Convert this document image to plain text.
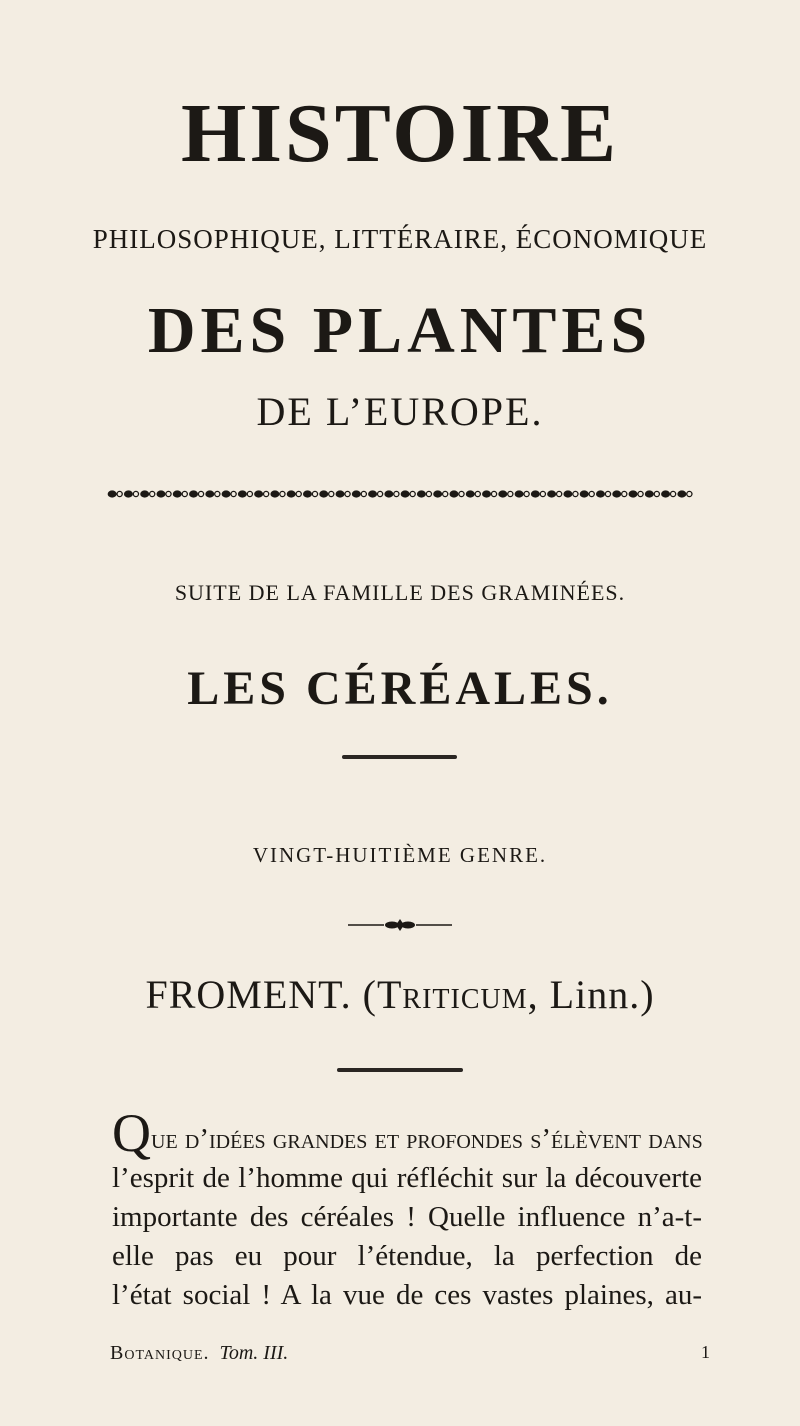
HISTOIRE
PHILOSOPHIQUE, LITTÉRAIRE, ÉCONOMIQUE
DES PLANTES
DE L’EUROPE.
SUITE DE LA FAMILLE DES GRAMINÉES.
LES CÉRÉALES.
VINGT-HUITIÈME GENRE.
FROMENT. (Triticum, Linn.)
Que d’idées grandes et profondes s’élèvent dans
l’esprit de l’homme qui réfléchit sur la découverte
importante des céréales ! Quelle influence n’a-t-
elle pas eu pour l’étendue, la perfection de
l’état social ! A la vue de ces vastes plaines, au-
Botanique. Tom. III.	1
